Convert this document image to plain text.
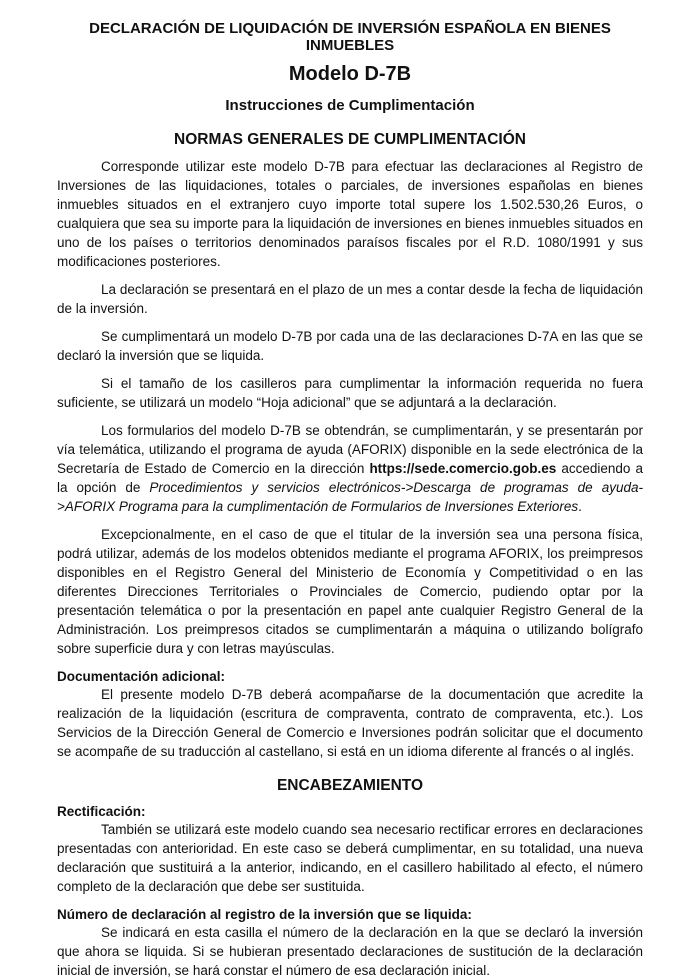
DECLARACIÓN DE LIQUIDACIÓN DE INVERSIÓN ESPAÑOLA EN BIENES INMUEBLES
Modelo D-7B
Instrucciones de Cumplimentación
NORMAS GENERALES DE CUMPLIMENTACIÓN

Corresponde utilizar este modelo D-7B para efectuar las declaraciones al Registro de Inversiones de las liquidaciones, totales o parciales, de inversiones españolas en bienes inmuebles situados en el extranjero cuyo importe total supere los 1.502.530,26 Euros, o cualquiera que sea su importe para la liquidación de inversiones en bienes inmuebles situados en uno de los países o territorios denominados paraísos fiscales por el R.D. 1080/1991 y sus modificaciones posteriores.

La declaración se presentará en el plazo de un mes a contar desde la fecha de liquidación de la inversión.

Se cumplimentará un modelo D-7B por cada una de las declaraciones D-7A en las que se declaró la inversión que se liquida.

Si el tamaño de los casilleros para cumplimentar la información requerida no fuera suficiente, se utilizará un modelo “Hoja adicional” que se adjuntará a la declaración.

Los formularios del modelo D-7B se obtendrán, se cumplimentarán, y se presentarán por vía telemática, utilizando el programa de ayuda (AFORIX) disponible en la sede electrónica de la Secretaría de Estado de Comercio en la dirección https://sede.comercio.gob.es accediendo a la opción de Procedimientos y servicios electrónicos->Descarga de programas de ayuda->AFORIX Programa para la cumplimentación de Formularios de Inversiones Exteriores.

Excepcionalmente, en el caso de que el titular de la inversión sea una persona física, podrá utilizar, además de los modelos obtenidos mediante el programa AFORIX, los preimpresos disponibles en el Registro General del Ministerio de Economía y Competitividad o en las diferentes Direcciones Territoriales o Provinciales de Comercio, pudiendo optar por la presentación telemática o por la presentación en papel ante cualquier Registro General de la Administración. Los preimpresos citados se cumplimentarán a máquina o utilizando bolígrafo sobre superficie dura y con letras mayúsculas.

Documentación adicional:

El presente modelo D-7B deberá acompañarse de la documentación que acredite la realización de la liquidación (escritura de compraventa, contrato de compraventa, etc.). Los Servicios de la Dirección General de Comercio e Inversiones podrán solicitar que el documento se acompañe de su traducción al castellano, si está en un idioma diferente al francés o al inglés.

ENCABEZAMIENTO
Rectificación:

También se utilizará este modelo cuando sea necesario rectificar errores en declaraciones presentadas con anterioridad. En este caso se deberá cumplimentar, en su totalidad, una nueva declaración que sustituirá a la anterior, indicando, en el casillero habilitado al efecto, el número completo de la declaración que debe ser sustituida.

Número de declaración al registro de la inversión que se liquida:

Se indicará en esta casilla el número de la declaración en la que se declaró la inversión que ahora se liquida. Si se hubieran presentado declaraciones de sustitución de la declaración inicial de inversión, se hará constar el número de esa declaración inicial.
